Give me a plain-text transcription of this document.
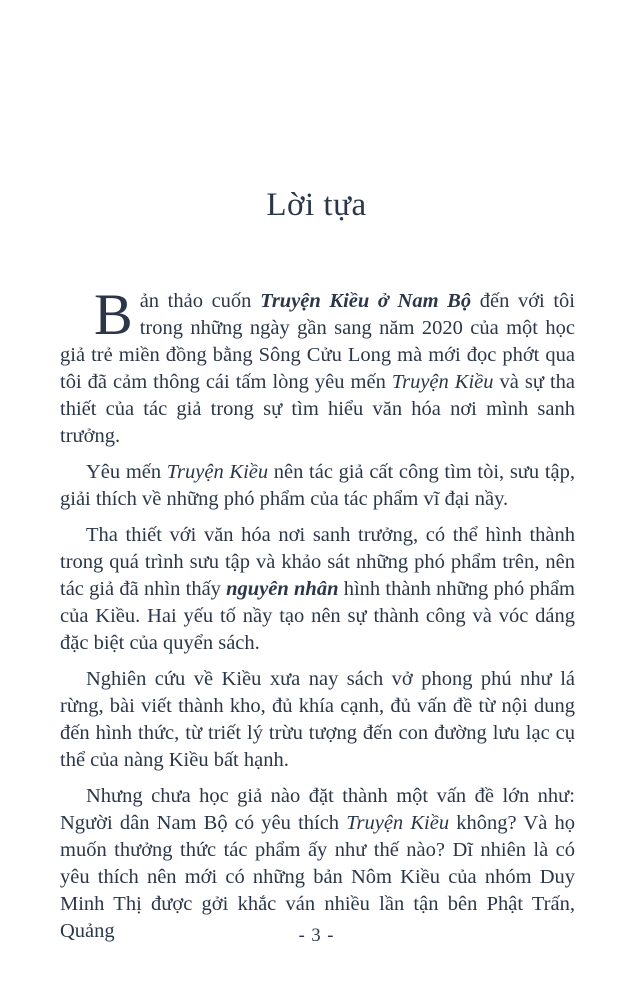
Lời tựa

Bản thảo cuốn Truyện Kiều ở Nam Bộ đến với tôi trong những ngày gần sang năm 2020 của một học giả trẻ miền đồng bằng Sông Cửu Long mà mới đọc phớt qua tôi đã cảm thông cái tấm lòng yêu mến Truyện Kiều và sự tha thiết của tác giả trong sự tìm hiểu văn hóa nơi mình sanh trưởng.

Yêu mến Truyện Kiều nên tác giả cất công tìm tòi, sưu tập, giải thích về những phó phẩm của tác phẩm vĩ đại nầy.

Tha thiết với văn hóa nơi sanh trưởng, có thể hình thành trong quá trình sưu tập và khảo sát những phó phẩm trên, nên tác giả đã nhìn thấy nguyên nhân hình thành những phó phẩm của Kiều. Hai yếu tố nầy tạo nên sự thành công và vóc dáng đặc biệt của quyển sách.

Nghiên cứu về Kiều xưa nay sách vở phong phú như lá rừng, bài viết thành kho, đủ khía cạnh, đủ vấn đề từ nội dung đến hình thức, từ triết lý trừu tượng đến con đường lưu lạc cụ thể của nàng Kiều bất hạnh.

Nhưng chưa học giả nào đặt thành một vấn đề lớn như: Người dân Nam Bộ có yêu thích Truyện Kiều không? Và họ muốn thưởng thức tác phẩm ấy như thế nào? Dĩ nhiên là có yêu thích nên mới có những bản Nôm Kiều của nhóm Duy Minh Thị được gởi khắc ván nhiều lần tận bên Phật Trấn, Quảng	- 3 -
